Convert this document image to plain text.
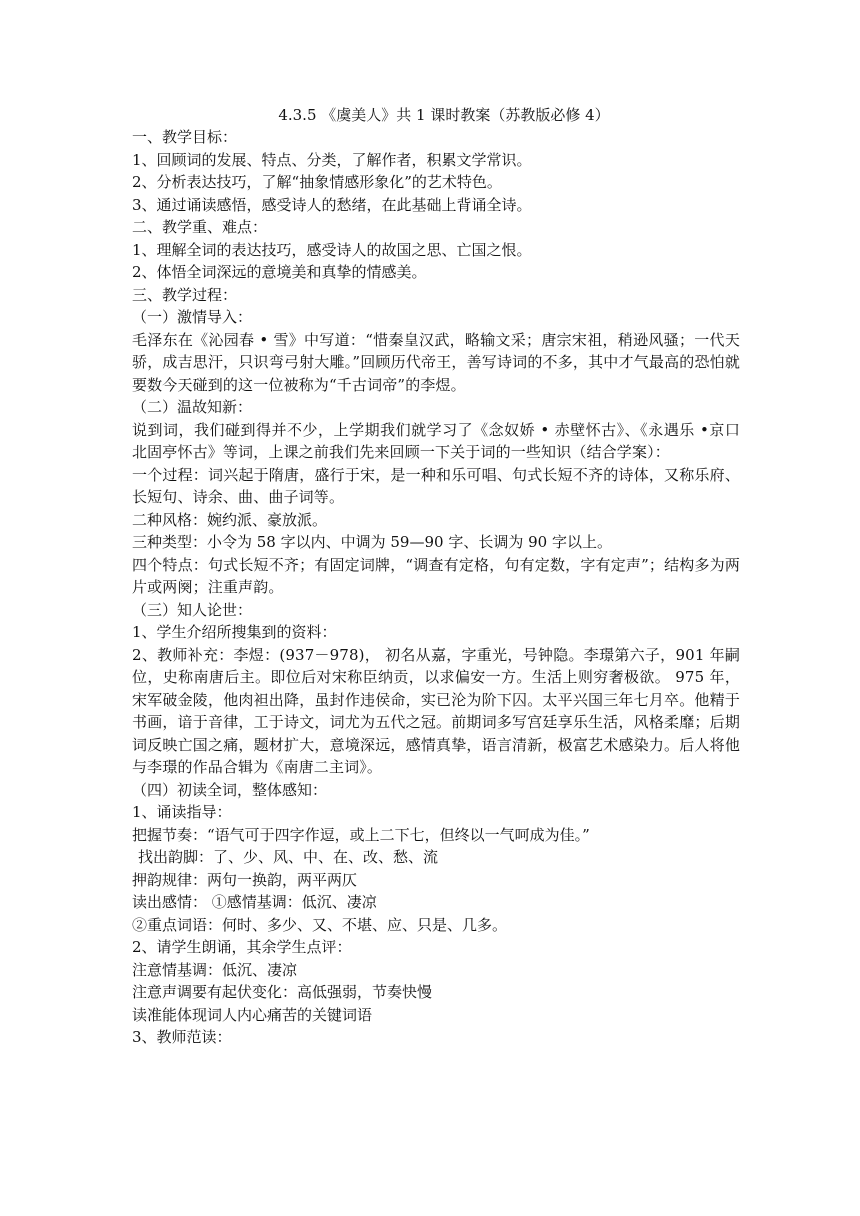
4.3.5 《虞美人》共 1 课时教案（苏教版必修 4）

一、教学目标：

1、回顾词的发展、特点、分类，了解作者，积累文学常识。

2、分析表达技巧，了解“抽象情感形象化”的艺术特色。

3、通过诵读感悟，感受诗人的愁绪，在此基础上背诵全诗。

二、教学重、难点：

1、理解全词的表达技巧，感受诗人的故国之思、亡国之恨。

2、体悟全词深远的意境美和真挚的情感美。

三、教学过程：

（一）激情导入：

毛泽东在《沁园春 • 雪》中写道：“惜秦皇汉武，略输文采；唐宗宋祖，稍逊风骚；一代天骄，成吉思汗，只识弯弓射大雕。”回顾历代帝王，善写诗词的不多，其中才气最高的恐怕就要数今天碰到的这一位被称为“千古词帝”的李煜。

（二）温故知新：

说到词，我们碰到得并不少，上学期我们就学习了《念奴娇 • 赤壁怀古》、《永遇乐 •京口北固亭怀古》等词，上课之前我们先来回顾一下关于词的一些知识（结合学案）：

一个过程：词兴起于隋唐，盛行于宋，是一种和乐可唱、句式长短不齐的诗体，又称乐府、长短句、诗余、曲、曲子词等。

二种风格：婉约派、豪放派。

三种类型：小令为 58 字以内、中调为 59—90 字、长调为 90 字以上。

四个特点：句式长短不齐；有固定词牌，“调查有定格，句有定数，字有定声”；结构多为两片或两阕；注重声韵。

（三）知人论世：

1、学生介绍所搜集到的资料：

2、教师补充：李煜：(937－978)， 初名从嘉，字重光，号钟隐。李璟第六子，901 年嗣位，史称南唐后主。即位后对宋称臣纳贡，以求偏安一方。生活上则穷奢极欲。 975 年，宋军破金陵，他肉袒出降，虽封作违侯命，实已沦为阶下囚。太平兴国三年七月卒。他精于书画，谙于音律，工于诗文，词尤为五代之冠。前期词多写宫廷享乐生活，风格柔靡；后期词反映亡国之痛，题材扩大，意境深远，感情真挚，语言清新，极富艺术感染力。后人将他与李璟的作品合辑为《南唐二主词》。

（四）初读全词，整体感知：

1、诵读指导：

把握节奏：“语气可于四字作逗，或上二下七，但终以一气呵成为佳。”

找出韵脚：了、少、风、中、在、改、愁、流

押韵规律：两句一换韵，两平两仄

读出感情： ①感情基调：低沉、凄凉

②重点词语：何时、多少、又、不堪、应、只是、几多。

2、请学生朗诵，其余学生点评：

注意情基调：低沉、凄凉

注意声调要有起伏变化：高低强弱，节奏快慢

读准能体现词人内心痛苦的关键词语

3、教师范读：
